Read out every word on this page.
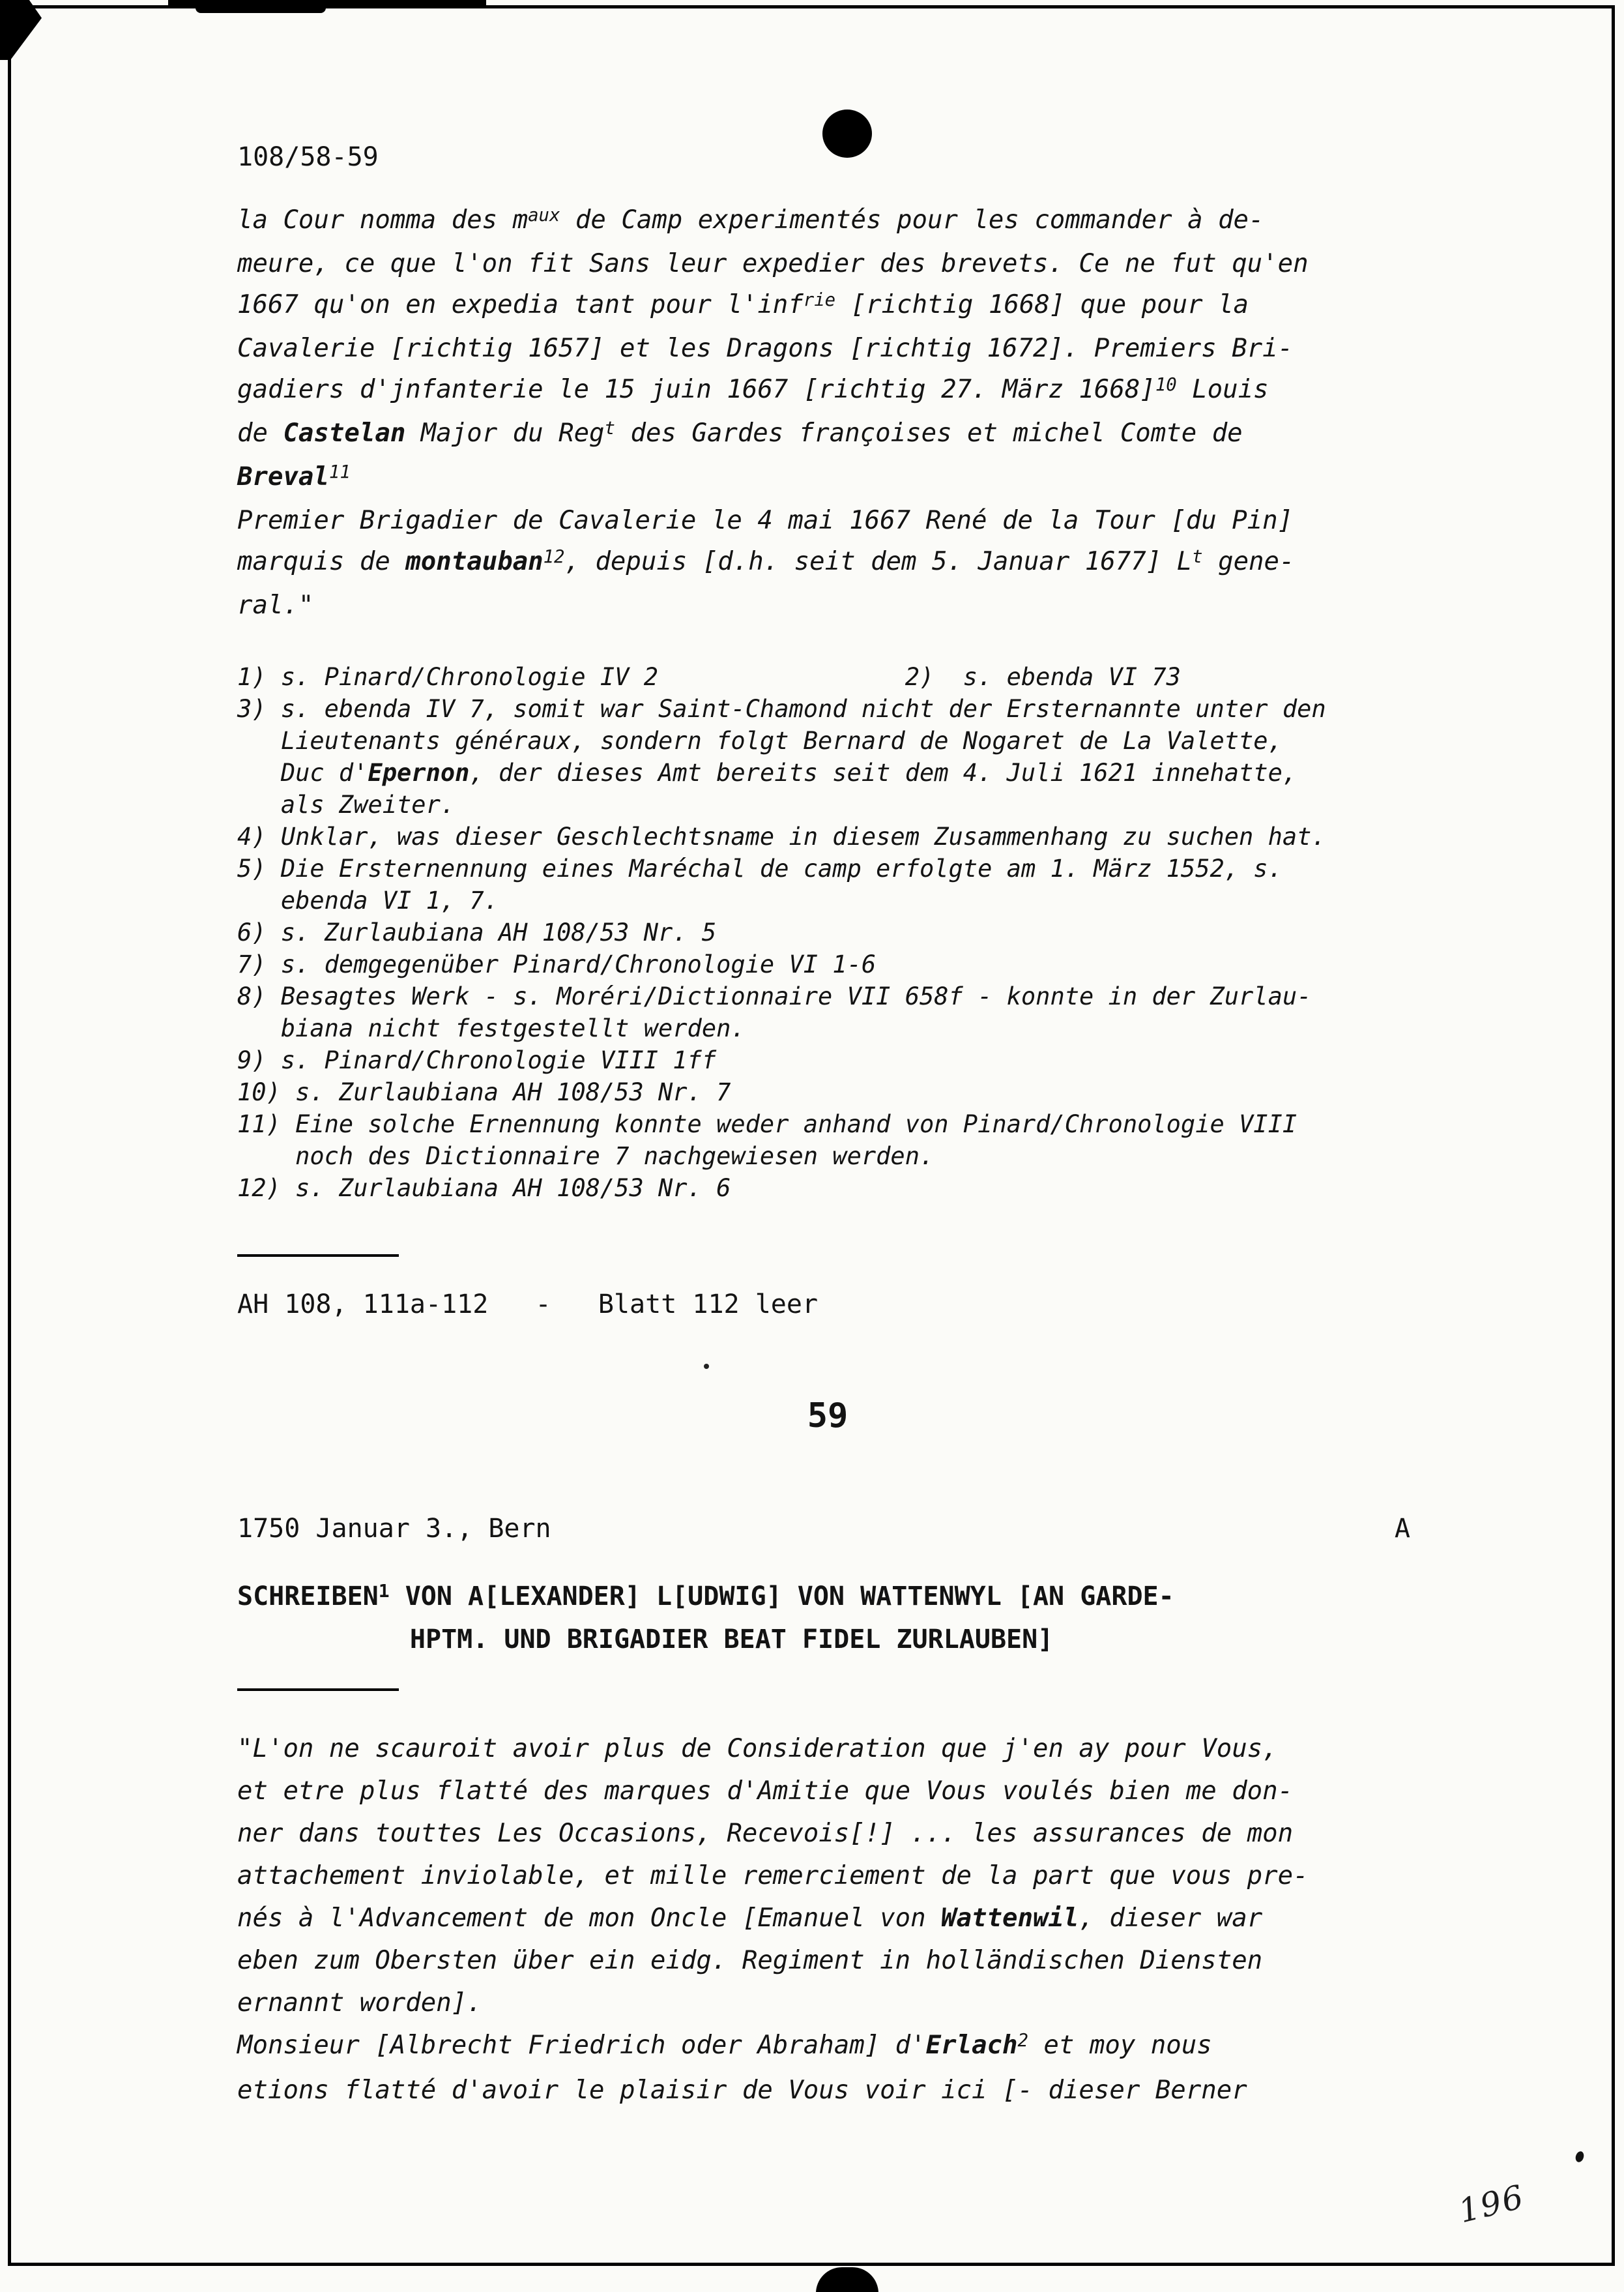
108/58-59
la Cour nomma des $m^{aux}$ de Camp experimentés pour les commander à de-
meure, ce que l'on fit Sans leur expedier des brevets. Ce ne fut qu'en
1667 qu'on en expedia tant pour l'inf$^{rie}$ [richtig 1668] que pour la
Cavalerie [richtig 1657] et les Dragons [richtig 1672]. Premiers Bri-
gadiers d'jnfanterie le 15 juin 1667 [richtig 27. März 1668]$^{10}$ Louis
de Castelan Major du Reg$^t$ des Gardes françoises et michel Comte de
Breval$^{11}$
Premier Brigadier de Cavalerie le 4 mai 1667 René de la Tour [du Pin]
marquis de montauban$^{12}$, depuis [d.h. seit dem 5. Januar 1677] $L^t$ gene-
ral."
1) s. Pinard/Chronologie IV 2                 2)  s. ebenda VI 73
3) s. ebenda IV 7, somit war Saint-Chamond nicht der Ersternannte unter den
Lieutenants généraux, sondern folgt Bernard de Nogaret de La Valette,
Duc d'Epernon, der dieses Amt bereits seit dem 4. Juli 1621 innehatte,
als Zweiter.
4) Unklar, was dieser Geschlechtsname in diesem Zusammenhang zu suchen hat.
5) Die Ersternennung eines Maréchal de camp erfolgte am 1. März 1552, s.
ebenda VI 1, 7.
6) s. Zurlaubiana AH 108/53 Nr. 5
7) s. demgegenüber Pinard/Chronologie VI 1-6
8) Besagtes Werk - s. Moréri/Dictionnaire VII 658f - konnte in der Zurlau-
biana nicht festgestellt werden.
9) s. Pinard/Chronologie VIII 1ff
10) s. Zurlaubiana AH 108/53 Nr. 7
11) Eine solche Ernennung konnte weder anhand von Pinard/Chronologie VIII
noch des Dictionnaire 7 nachgewiesen werden.
12) s. Zurlaubiana AH 108/53 Nr. 6
AH 108, 111a-112   -   Blatt 112 leer
59
1750 Januar 3., Bern	A
SCHREIBEN$^1$ VON A[LEXANDER] L[UDWIG] VON WATTENWYL [AN GARDE-
HPTM. UND BRIGADIER BEAT FIDEL ZURLAUBEN]
"L'on ne scauroit avoir plus de Consideration que j'en ay pour Vous,
et etre plus flatté des marques d'Amitie que Vous voulés bien me don-
ner dans touttes Les Occasions, Recevois[!] ... les assurances de mon
attachement inviolable, et mille remerciement de la part que vous pre-
nés à l'Advancement de mon Oncle [Emanuel von Wattenwil, dieser war
eben zum Obersten über ein eidg. Regiment in holländischen Diensten
ernannt worden].
Monsieur [Albrecht Friedrich oder Abraham] d'Erlach$^2$ et moy nous
etions flatté d'avoir le plaisir de Vous voir ici [- dieser Berner
196
